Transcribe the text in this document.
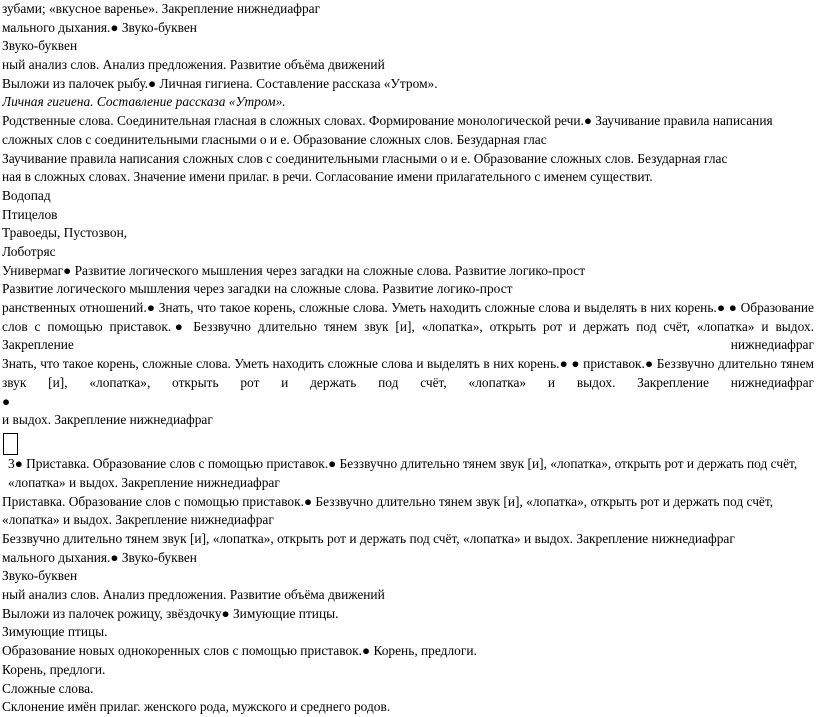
зубами; «вкусное варенье». Закрепление нижнедиафраг
мального дыхания.● Звуко-буквен
Звуко-буквен
ный анализ слов. Анализ предложения. Развитие объёма движений
Выложи из палочек рыбу.● Личная гигиена. Составление рассказа «Утром».
Личная гигиена. Составление рассказа «Утром».
Родственные слова. Соединительная гласная в сложных словах. Формирование монологической речи.● Заучивание правила написания сложных слов с соединительными гласными о и е. Образование сложных слов. Безударная глас
Заучивание правила написания сложных слов с соединительными гласными о и е. Образование сложных слов. Безударная глас
ная в сложных словах. Значение имени прилаг. в речи. Согласование имени прилагательного с именем существит.
Водопад
Птицелов
Травоеды, Пустозвон,
Лоботряс
Универмаг● Развитие логического мышления через загадки на сложные слова. Развитие логико-прост
Развитие логического мышления через загадки на сложные слова. Развитие логико-прост
ранственных отношений.● Знать, что такое корень, сложные слова. Уметь находить сложные слова и выделять в них корень.● ● Образование слов с помощью приставок.● Беззвучно длительно тянем звук [и], «лопатка», открыть рот и держать под счёт, «лопатка» и выдох. Закрепление нижнедиафраг
Знать, что такое корень, сложные слова. Уметь находить сложные слова и выделять в них корень.● ● приставок.● Беззвучно длительно тянем звук [и], «лопатка», открыть рот и держать под счёт, «лопатка» и выдох. Закрепление нижнедиафраг
●
и выдох. Закрепление нижнедиафраг
3● Приставка. Образование слов с помощью приставок.● Беззвучно длительно тянем звук [и], «лопатка», открыть рот и держать под счёт, «лопатка» и выдох. Закрепление нижнедиафраг
Приставка. Образование слов с помощью приставок.● Беззвучно длительно тянем звук [и], «лопатка», открыть рот и держать под счёт, «лопатка» и выдох. Закрепление нижнедиафраг
Беззвучно длительно тянем звук [и], «лопатка», открыть рот и держать под счёт, «лопатка» и выдох. Закрепление нижнедиафраг
мального дыхания.● Звуко-буквен
Звуко-буквен
ный анализ слов. Анализ предложения. Развитие объёма движений
Выложи из палочек рожицу, звёздочку● Зимующие птицы.
Зимующие птицы.
Образование новых однокоренных слов с помощью приставок.● Корень, предлоги.
Корень, предлоги.
Сложные слова.
Склонение имён прилаг. женского рода, мужского и среднего родов.
